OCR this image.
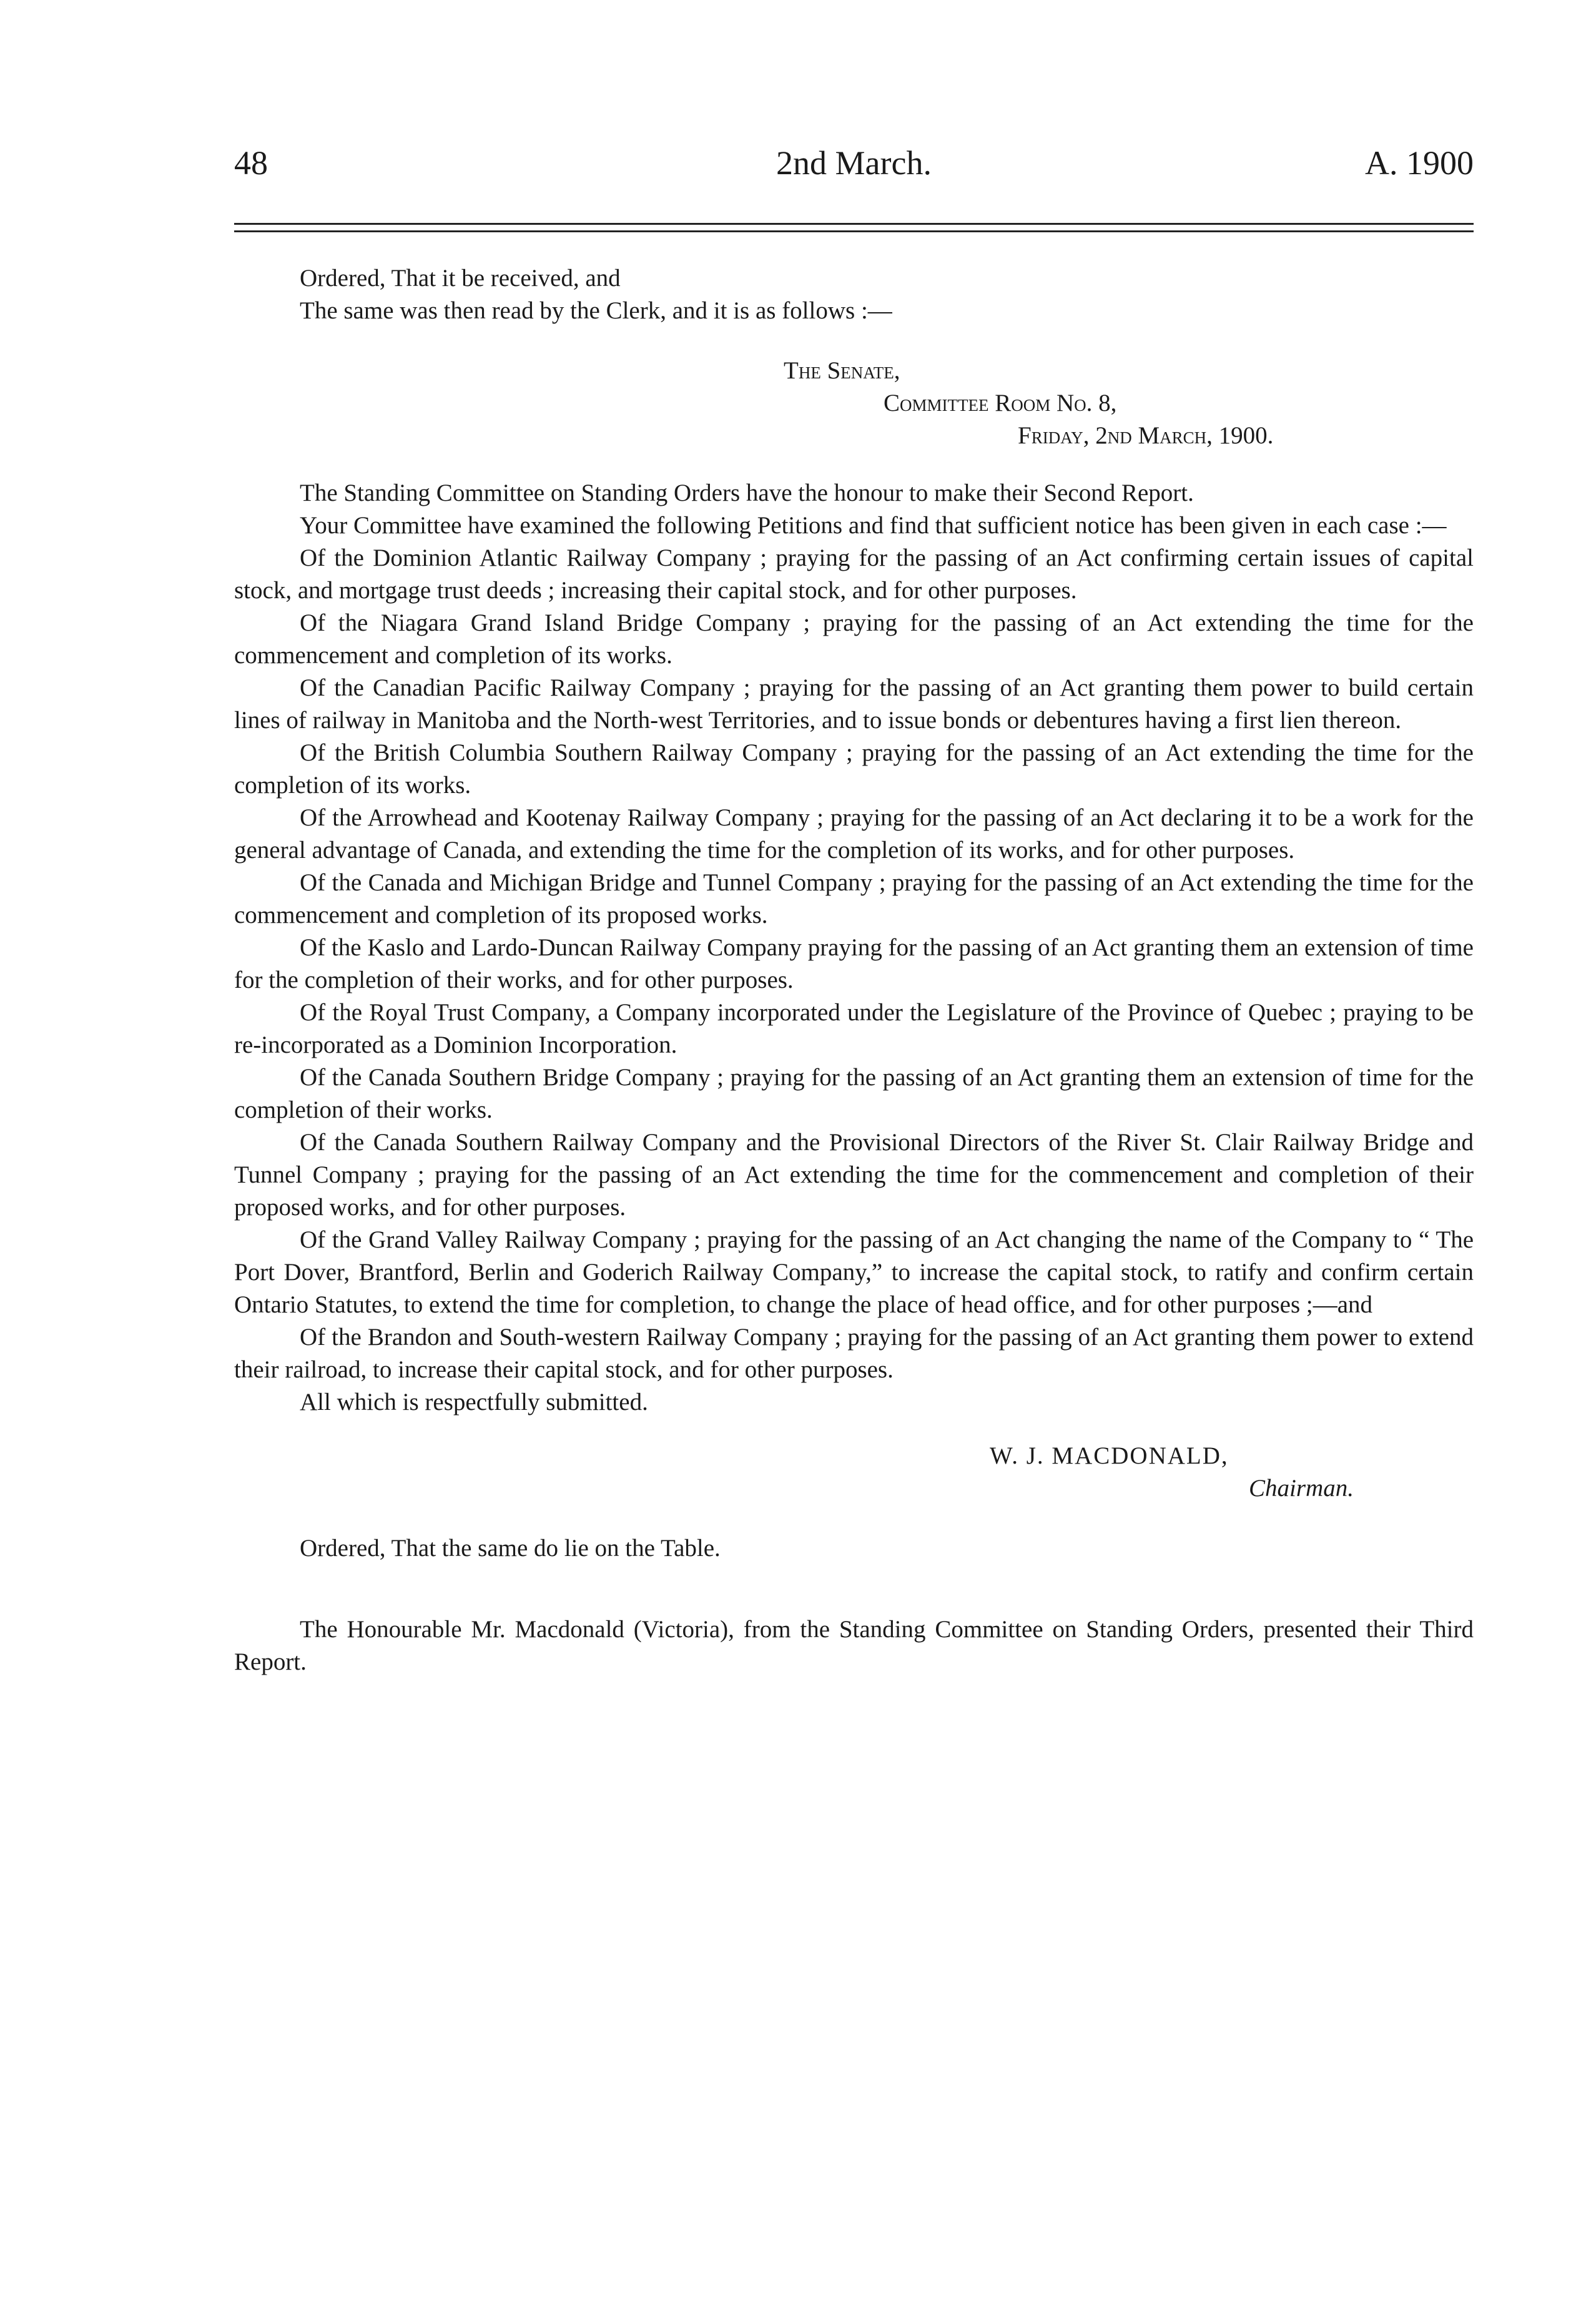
48	2nd March.	A. 1900
Ordered, That it be received, and
The same was then read by the Clerk, and it is as follows :—
The Senate,
Committee Room No. 8,
Friday, 2nd March, 1900.

The Standing Committee on Standing Orders have the honour to make their Second Report.

Your Committee have examined the following Petitions and find that sufficient notice has been given in each case :—

Of the Dominion Atlantic Railway Company ; praying for the passing of an Act confirming certain issues of capital stock, and mortgage trust deeds ; increasing their capital stock, and for other purposes.

Of the Niagara Grand Island Bridge Company ; praying for the passing of an Act extending the time for the commencement and completion of its works.

Of the Canadian Pacific Railway Company ; praying for the passing of an Act granting them power to build certain lines of railway in Manitoba and the North-west Territories, and to issue bonds or debentures having a first lien thereon.

Of the British Columbia Southern Railway Company ; praying for the passing of an Act extending the time for the completion of its works.

Of the Arrowhead and Kootenay Railway Company ; praying for the passing of an Act declaring it to be a work for the general advantage of Canada, and extending the time for the completion of its works, and for other purposes.

Of the Canada and Michigan Bridge and Tunnel Company ; praying for the passing of an Act extending the time for the commencement and completion of its proposed works.

Of the Kaslo and Lardo-Duncan Railway Company praying for the passing of an Act granting them an extension of time for the completion of their works, and for other purposes.

Of the Royal Trust Company, a Company incorporated under the Legislature of the Province of Quebec ; praying to be re-incorporated as a Dominion Incorporation.

Of the Canada Southern Bridge Company ; praying for the passing of an Act granting them an extension of time for the completion of their works.

Of the Canada Southern Railway Company and the Provisional Directors of the River St. Clair Railway Bridge and Tunnel Company ; praying for the passing of an Act extending the time for the commencement and completion of their proposed works, and for other purposes.

Of the Grand Valley Railway Company ; praying for the passing of an Act changing the name of the Company to “ The Port Dover, Brantford, Berlin and Goderich Railway Company,” to increase the capital stock, to ratify and confirm certain Ontario Statutes, to extend the time for completion, to change the place of head office, and for other purposes ;—and

Of the Brandon and South-western Railway Company ; praying for the passing of an Act granting them power to extend their railroad, to increase their capital stock, and for other purposes.

All which is respectfully submitted.

W. J. MACDONALD,
Chairman.
Ordered, That the same do lie on the Table.

The Honourable Mr. Macdonald (Victoria), from the Standing Committee on Standing Orders, presented their Third Report.
